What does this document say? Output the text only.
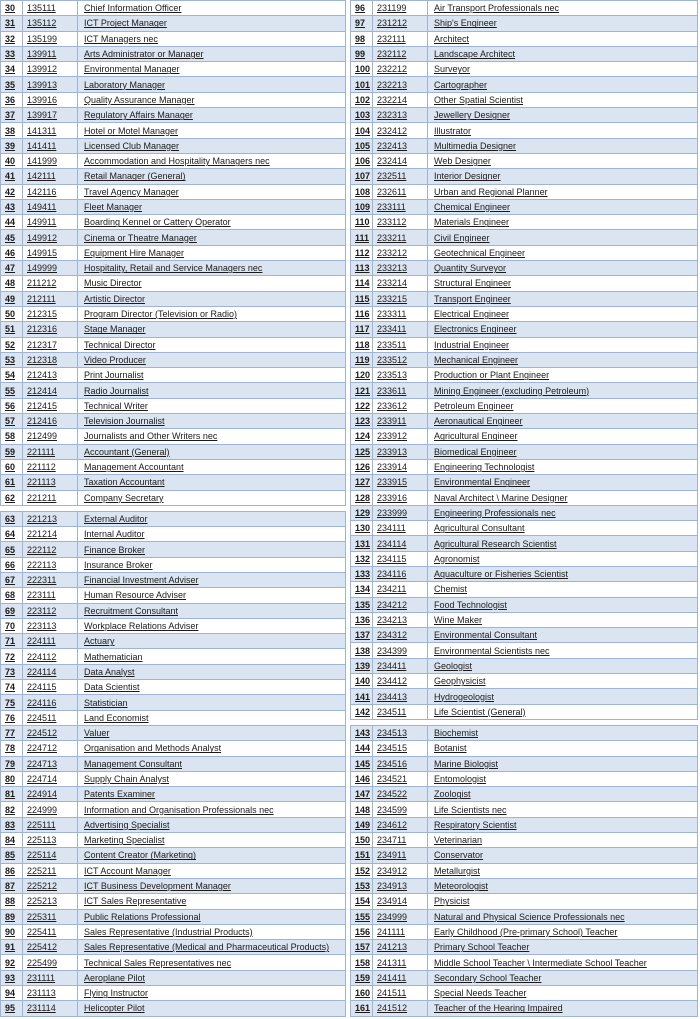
30	135111	Chief Information Officer
31	135112	ICT Project Manager
32	135199	ICT Managers nec
33	139911	Arts Administrator or Manager
34	139912	Environmental Manager
35	139913	Laboratory Manager
36	139916	Quality Assurance Manager
37	139917	Regulatory Affairs Manager
38	141311	Hotel or Motel Manager
39	141411	Licensed Club Manager
40	141999	Accommodation and Hospitality Managers nec
41	142111	Retail Manager (General)
42	142116	Travel Agency Manager
43	149411	Fleet Manager
44	149911	Boarding Kennel or Cattery Operator
45	149912	Cinema or Theatre Manager
46	149915	Equipment Hire Manager
47	149999	Hospitality, Retail and Service Managers nec
48	211212	Music Director
49	212111	Artistic Director
50	212315	Program Director (Television or Radio)
51	212316	Stage Manager
52	212317	Technical Director
53	212318	Video Producer
54	212413	Print Journalist
55	212414	Radio Journalist
56	212415	Technical Writer
57	212416	Television Journalist
58	212499	Journalists and Other Writers nec
59	221111	Accountant (General)
60	221112	Management Accountant
61	221113	Taxation Accountant
62	221211	Company Secretary
63	221213	External Auditor
64	221214	Internal Auditor
65	222112	Finance Broker
66	222113	Insurance Broker
67	222311	Financial Investment Adviser
68	223111	Human Resource Adviser
69	223112	Recruitment Consultant
70	223113	Workplace Relations Adviser
71	224111	Actuary
72	224112	Mathematician
73	224114	Data Analyst
74	224115	Data Scientist
75	224116	Statistician
76	224511	Land Economist
77	224512	Valuer
78	224712	Organisation and Methods Analyst
79	224713	Management Consultant
80	224714	Supply Chain Analyst
81	224914	Patents Examiner
82	224999	Information and Organisation Professionals nec
83	225111	Advertising Specialist
84	225113	Marketing Specialist
85	225114	Content Creator (Marketing)
86	225211	ICT Account Manager
87	225212	ICT Business Development Manager
88	225213	ICT Sales Representative
89	225311	Public Relations Professional
90	225411	Sales Representative (Industrial Products)
91	225412	Sales Representative (Medical and Pharmaceutical Products)
92	225499	Technical Sales Representatives nec
93	231111	Aeroplane Pilot
94	231113	Flying Instructor
95	231114	Helicopter Pilot
96	231199	Air Transport Professionals nec
97	231212	Ship's Engineer
98	232111	Architect
99	232112	Landscape Architect
100	232212	Surveyor
101	232213	Cartographer
102	232214	Other Spatial Scientist
103	232313	Jewellery Designer
104	232412	Illustrator
105	232413	Multimedia Designer
106	232414	Web Designer
107	232511	Interior Designer
108	232611	Urban and Regional Planner
109	233111	Chemical Engineer
110	233112	Materials Engineer
111	233211	Civil Engineer
112	233212	Geotechnical Engineer
113	233213	Quantity Surveyor
114	233214	Structural Engineer
115	233215	Transport Engineer
116	233311	Electrical Engineer
117	233411	Electronics Engineer
118	233511	Industrial Engineer
119	233512	Mechanical Engineer
120	233513	Production or Plant Engineer
121	233611	Mining Engineer (excluding Petroleum)
122	233612	Petroleum Engineer
123	233911	Aeronautical Engineer
124	233912	Agricultural Engineer
125	233913	Biomedical Engineer
126	233914	Engineering Technologist
127	233915	Environmental Engineer
128	233916	Naval Architect \ Marine Designer
129	233999	Engineering Professionals nec
130	234111	Agricultural Consultant
131	234114	Agricultural Research Scientist
132	234115	Agronomist
133	234116	Aquaculture or Fisheries Scientist
134	234211	Chemist
135	234212	Food Technologist
136	234213	Wine Maker
137	234312	Environmental Consultant
138	234399	Environmental Scientists nec
139	234411	Geologist
140	234412	Geophysicist
141	234413	Hydrogeologist
142	234511	Life Scientist (General)
143	234513	Biochemist
144	234515	Botanist
145	234516	Marine Biologist
146	234521	Entomologist
147	234522	Zoologist
148	234599	Life Scientists nec
149	234612	Respiratory Scientist
150	234711	Veterinarian
151	234911	Conservator
152	234912	Metallurgist
153	234913	Meteorologist
154	234914	Physicist
155	234999	Natural and Physical Science Professionals nec
156	241111	Early Childhood (Pre-primary School) Teacher
157	241213	Primary School Teacher
158	241311	Middle School Teacher \ Intermediate School Teacher
159	241411	Secondary School Teacher
160	241511	Special Needs Teacher
161	241512	Teacher of the Hearing Impaired
